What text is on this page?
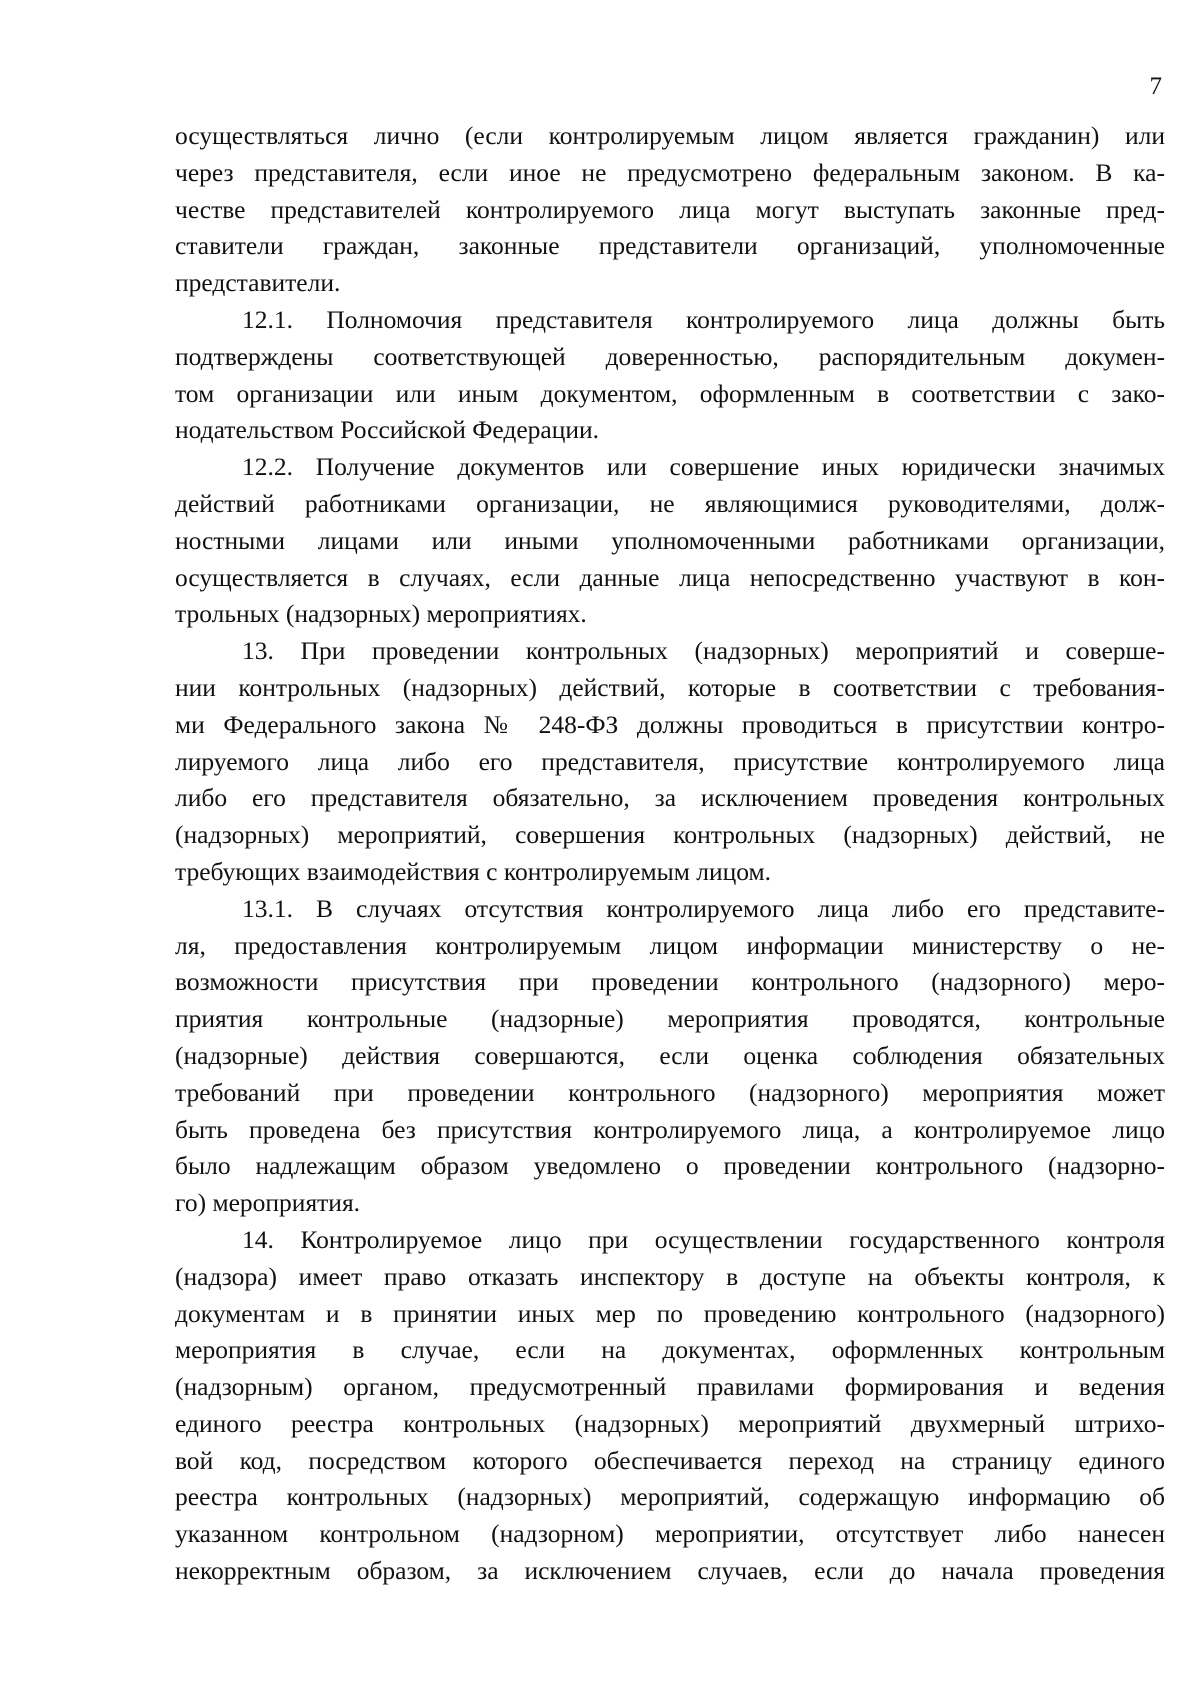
7

осуществляться лично (если контролируемым лицом является гражданин) или
через представителя, если иное не предусмотрено федеральным законом. В ка-
честве представителей контролируемого лица могут выступать законные пред-
ставители граждан, законные представители организаций, уполномоченные
представители.

12.1. Полномочия представителя контролируемого лица должны быть
подтверждены соответствующей доверенностью, распорядительным докумен-
том организации или иным документом, оформленным в соответствии с зако-
нодательством Российской Федерации.

12.2. Получение документов или совершение иных юридически значимых
действий работниками организации, не являющимися руководителями, долж-
ностными лицами или иными уполномоченными работниками организации,
осуществляется в случаях, если данные лица непосредственно участвуют в кон-
трольных (надзорных) мероприятиях.

13. При проведении контрольных (надзорных) мероприятий и соверше-
нии контрольных (надзорных) действий, которые в соответствии с требования-
ми Федерального закона № 248-ФЗ должны проводиться в присутствии контро-
лируемого лица либо его представителя, присутствие контролируемого лица
либо его представителя обязательно, за исключением проведения контрольных
(надзорных) мероприятий, совершения контрольных (надзорных) действий, не
требующих взаимодействия с контролируемым лицом.

13.1. В случаях отсутствия контролируемого лица либо его представите-
ля, предоставления контролируемым лицом информации министерству о не-
возможности присутствия при проведении контрольного (надзорного) меро-
приятия контрольные (надзорные) мероприятия проводятся, контрольные
(надзорные) действия совершаются, если оценка соблюдения обязательных
требований при проведении контрольного (надзорного) мероприятия может
быть проведена без присутствия контролируемого лица, а контролируемое лицо
было надлежащим образом уведомлено о проведении контрольного (надзорно-
го) мероприятия.

14. Контролируемое лицо при осуществлении государственного контроля
(надзора) имеет право отказать инспектору в доступе на объекты контроля, к
документам и в принятии иных мер по проведению контрольного (надзорного)
мероприятия в случае, если на документах, оформленных контрольным
(надзорным) органом, предусмотренный правилами формирования и ведения
единого реестра контрольных (надзорных) мероприятий двухмерный штрихо-
вой код, посредством которого обеспечивается переход на страницу единого
реестра контрольных (надзорных) мероприятий, содержащую информацию об
указанном контрольном (надзорном) мероприятии, отсутствует либо нанесен
некорректным образом, за исключением случаев, если до начала проведения
